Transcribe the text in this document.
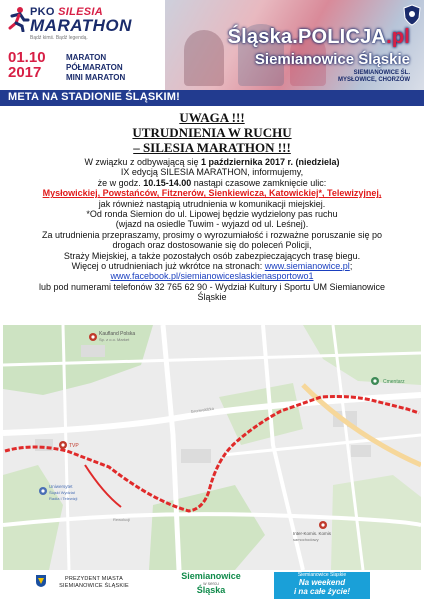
PKO SILESIA
MARATHON
Bądź kimś. Bądź legendą.
01.10
2017
MARATON
PÓŁMARATON
MINI MARATON
Śląska.POLICJA.pl
Siemianowice Śląskie
SIEMIANOWICE ŚL.
MYSŁOWICE, CHORZÓW
META NA STADIONIE ŚLĄSKIM!
UWAGA !!!
UTRUDNIENIA W RUCHU
– SILESIA MARATHON !!!
W związku z odbywającą się 1 października 2017 r. (niedziela)
IX edycją SILESIA MARATHON, informujemy,
że w godz. 10.15-14.00 nastąpi czasowe zamknięcie ulic:
Mysłowickiej, Powstańców, Fitznerów, Sienkiewicza, Katowickiej*, Telewizyjnej,
jak również nastąpią utrudnienia w komunikacji miejskiej.
*Od ronda Siemion do ul. Lipowej będzie wydzielony pas ruchu
(wjazd na osiedle Tuwim - wyjazd od ul. Leśnej).
Za utrudnienia przepraszamy, prosimy o wyrozumiałość i rozważne poruszanie się po
drogach oraz dostosowanie się do poleceń Policji,
Straży Miejskiej, a także pozostałych osób zabezpieczających trasę biegu.
Więcej o utrudnieniach już wkrótce na stronach: www.siemianowice.pl;
www.facebook.pl/siemianowiceslaskienasportowo1
lub pod numerami telefonów 32 765 62 90 - Wydział Kultury i Sportu UM Siemianowice
Śląskie
Kaufland Polska
Sp. z o.o. Market
Cmentarz
TVP
Uniwersytet
Śląski Wydział
Radia i Telewizji
Inter-Komis. Komis
samochodowy
Grunwaldzka
Rewolucji
PREZYDENT MIASTA
SIEMIANOWICE ŚLĄSKIE
Siemianowice
w sercu
Śląska
Siemianowice Śląskie
Na weekend
i na całe życie!
